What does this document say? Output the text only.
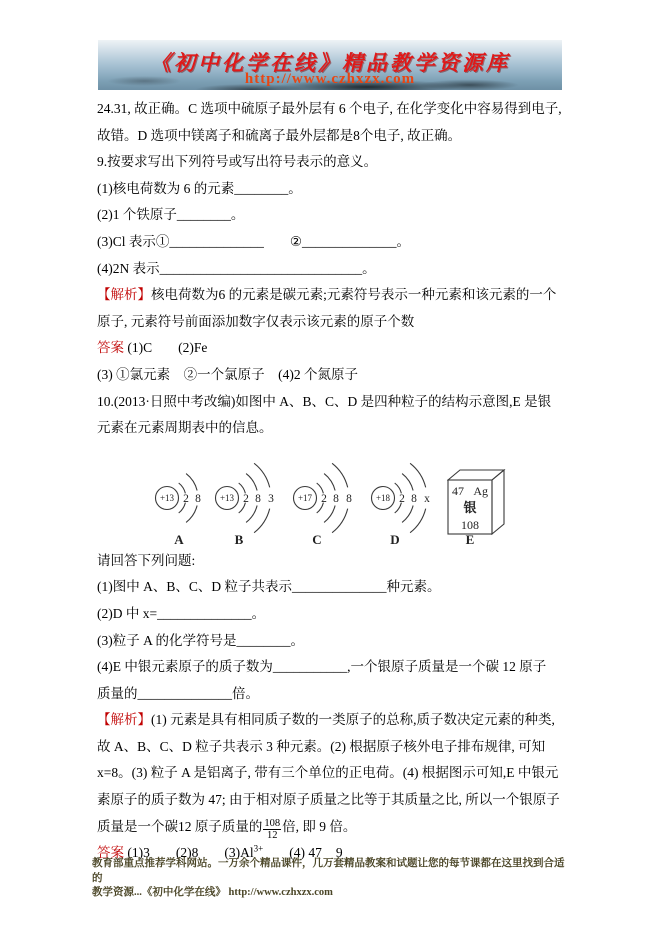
《初中化学在线》精品教学资源库
http://www.czhxzx.com
24.31, 故正确。C 选项中硫原子最外层有 6 个电子, 在化学变化中容易得到电子,
故错。D 选项中镁离子和硫离子最外层都是8个电子, 故正确。
9.按要求写出下列符号或写出符号表示的意义。
(1)核电荷数为 6 的元素________。
(2)1 个铁原子________。
(3)Cl 表示①______________ ②______________。
(4)2N 表示______________________________。
【解析】核电荷数为6 的元素是碳元素;元素符号表示一种元素和该元素的一个
原子, 元素符号前面添加数字仅表示该元素的原子个数
答案 (1)C (2)Fe
(3) ①氯元素　②一个氯原子　(4)2 个氮原子
10.(2013·日照中考改编)如图中 A、B、C、D 是四种粒子的结构示意图,E 是银
元素在元素周期表中的信息。
+13 2 8
A
+13 2 8 3
B
+17 2 8 8
C
+18 2 8 x
D
47 Ag
银
108
E
请回答下列问题:
(1)图中 A、B、C、D 粒子共表示______________种元素。
(2)D 中 x=______________。
(3)粒子 A 的化学符号是________。
(4)E 中银元素原子的质子数为___________,一个银原子质量是一个碳 12 原子
质量的______________倍。
【解析】(1) 元素是具有相同质子数的一类原子的总称,质子数决定元素的种类,
故 A、B、C、D 粒子共表示 3 种元素。(2) 根据原子核外电子排布规律, 可知
x=8。(3) 粒子 A 是铝离子, 带有三个单位的正电荷。(4) 根据图示可知,E 中银元
素原子的质子数为 47; 由于相对原子质量之比等于其质量之比, 所以一个银原子
质量是一个碳12 原子质量的 $\frac{108}{12}$ 倍, 即 9 倍。
答案 (1)3 (2)8 $(3)Al^{3+}$ (4) 47 9
教育部重点推荐学科网站。一万余个精品课件，几万套精品教案和试题让您的每节课都在这里找到合适的
教学资源...《初中化学在线》 http://www.czhxzx.com
